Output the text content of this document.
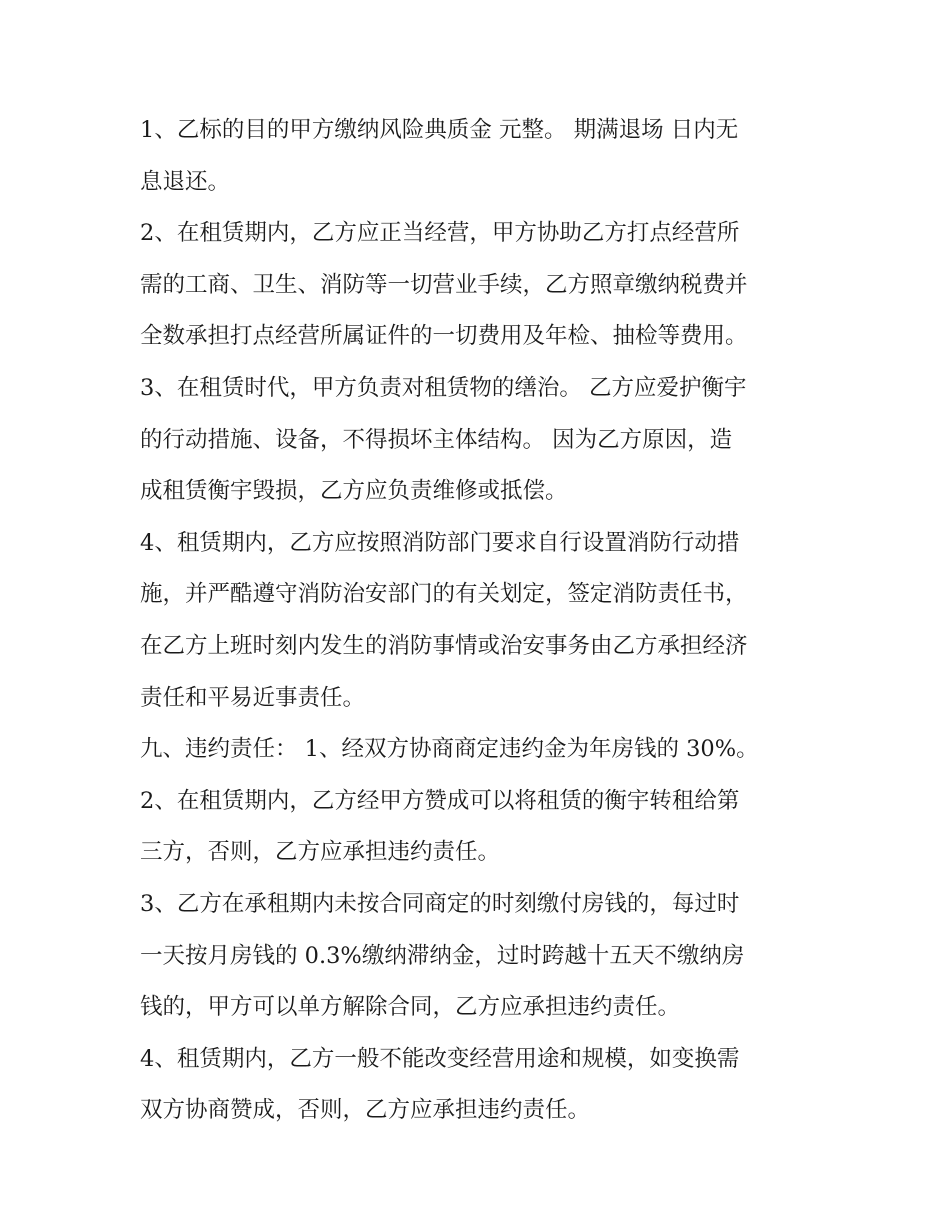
1、乙标的目的甲方缴纳风险典质金 元整。 期满退场 日内无
息退还。
2、在租赁期内，乙方应正当经营，甲方协助乙方打点经营所
需的工商、卫生、消防等一切营业手续，乙方照章缴纳税费并
全数承担打点经营所属证件的一切费用及年检、抽检等费用。
3、在租赁时代，甲方负责对租赁物的缮治。 乙方应爱护衡宇
的行动措施、设备，不得损坏主体结构。 因为乙方原因，造
成租赁衡宇毁损，乙方应负责维修或抵偿。
4、租赁期内，乙方应按照消防部门要求自行设置消防行动措
施，并严酷遵守消防治安部门的有关划定，签定消防责任书，
在乙方上班时刻内发生的消防事情或治安事务由乙方承担经济
责任和平易近事责任。
九、违约责任： 1、经双方协商商定违约金为年房钱的 30%。
2、在租赁期内，乙方经甲方赞成可以将租赁的衡宇转租给第
三方，否则，乙方应承担违约责任。
3、乙方在承租期内未按合同商定的时刻缴付房钱的，每过时
一天按月房钱的 0.3%缴纳滞纳金，过时跨越十五天不缴纳房
钱的，甲方可以单方解除合同，乙方应承担违约责任。
4、租赁期内，乙方一般不能改变经营用途和规模，如变换需
双方协商赞成，否则，乙方应承担违约责任。
